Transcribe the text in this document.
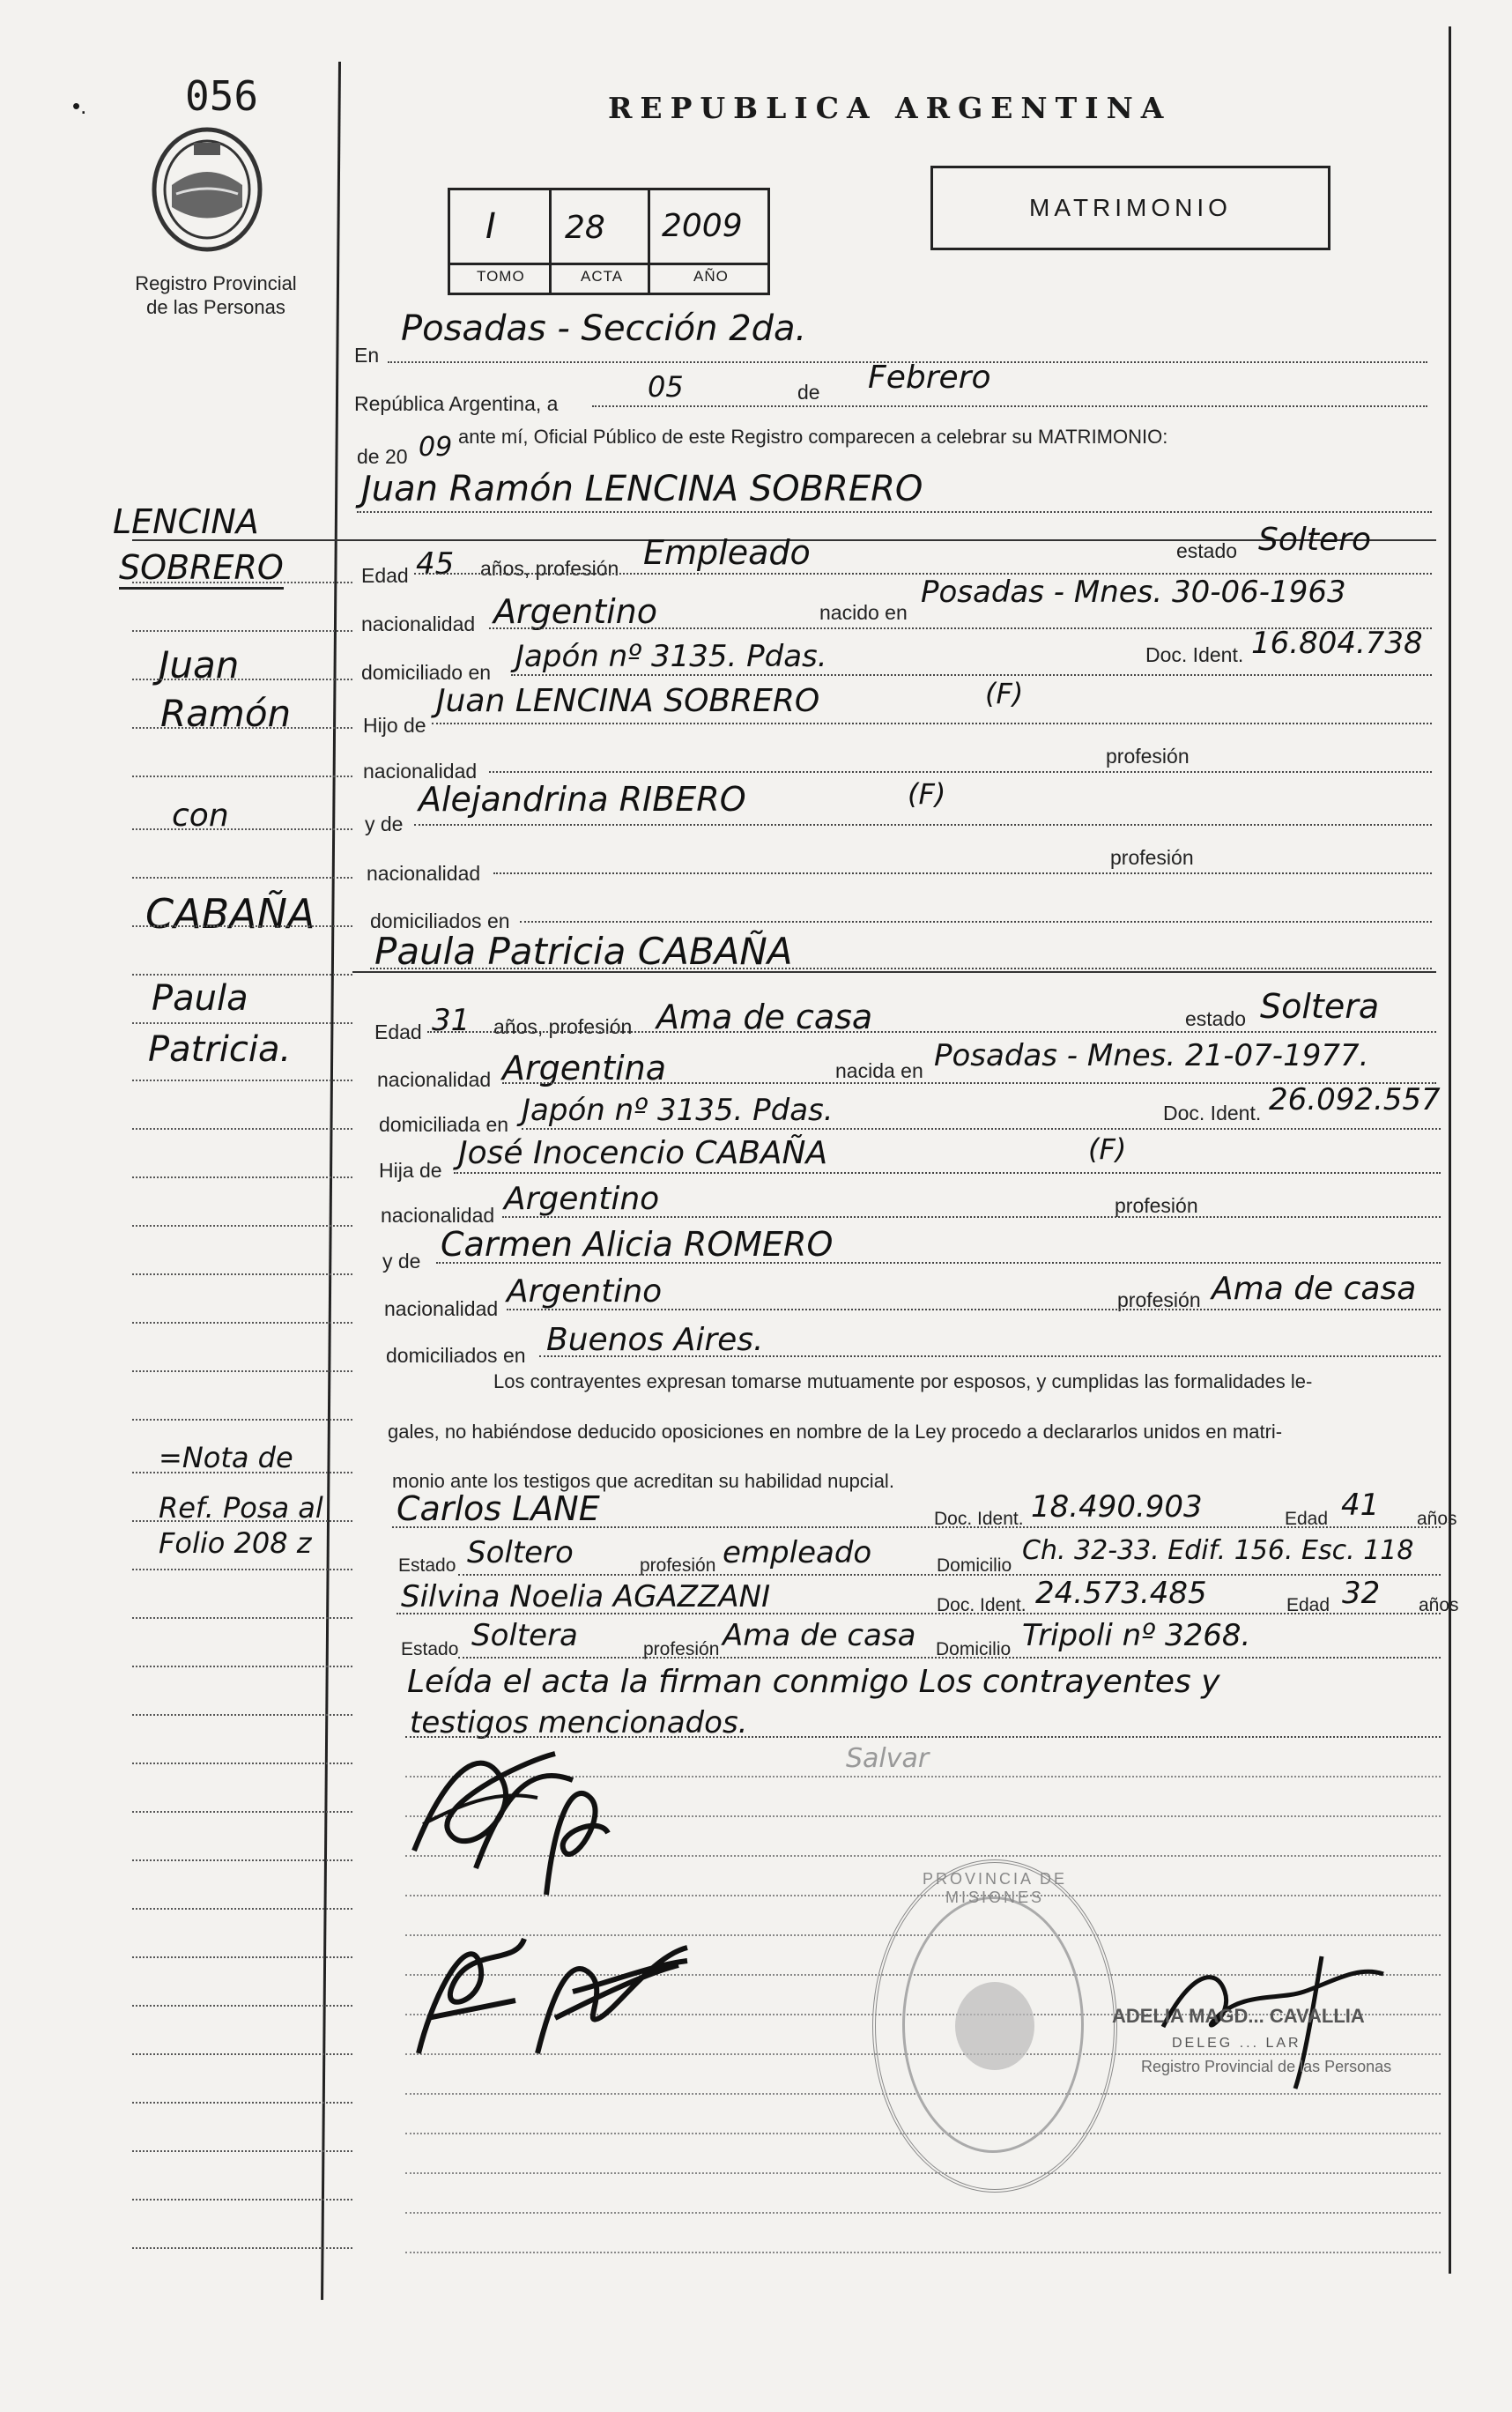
•. 056
Registro Provincial
de las Personas
REPUBLICA ARGENTINA
I 28 2009
TOMO	ACTA	AÑO
MATRIMONIO
LENCINA
SOBRERO
Juan
Ramón
con
CABAÑA
Paula
Patricia.
=Nota de
Ref. Posa al
Folio 208 z
En
Posadas - Sección 2da.
República Argentina, a	05	de Febrero
de 20 09 ante mí, Oficial Público de este Registro comparecen a celebrar su MATRIMONIO:
Juan Ramón LENCINA SOBRERO
Edad 45 años, profesión Empleado	estado Soltero
nacionalidad Argentino	nacido en
Posadas - Mnes. 30-06-1963
domiciliado en Japón nº 3135. Pdas.	Doc. Ident. 16.804.738
Hijo de
Juan LENCINA SOBRERO	(F)
nacionalidad
profesión
y de
Alejandrina RIBERO	(F)
nacionalidad
profesión
domiciliados en
Paula Patricia CABAÑA
Edad 31 años, profesión Ama de casa	estado Soltera
nacionalidad Argentina	nacida en Posadas - Mnes. 21-07-1977.
domiciliada en Japón nº 3135. Pdas.	Doc. Ident. 26.092.557
Hija de José Inocencio CABAÑA	(F)
nacionalidad Argentino	profesión
y de Carmen Alicia ROMERO
nacionalidad Argentino	profesión Ama de casa
domiciliados en Buenos Aires.
Los contrayentes expresan tomarse mutuamente por esposos, y cumplidas las formalidades le-
gales, no habiéndose deducido oposiciones en nombre de la Ley procedo a declararlos unidos en matri-
monio ante los testigos que acreditan su habilidad nupcial.
Carlos LANE	Doc. Ident. 18.490.903	Edad 41 años
Estado Soltero	profesión empleado	Domicilio Ch. 32-33. Edif. 156. Esc. 118
Silvina Noelia AGAZZANI	Doc. Ident. 24.573.485	Edad 32 años
Estado Soltera	profesión Ama de casa Domicilio Tripoli nº 3268.
Leída el acta la firman conmigo Los contrayentes y
testigos mencionados.
Salvar
PROVINCIA DE MISIONES
ADELIA MAGD... CAVALLIA
DELEG ... LAR
Registro Provincial de las Personas
